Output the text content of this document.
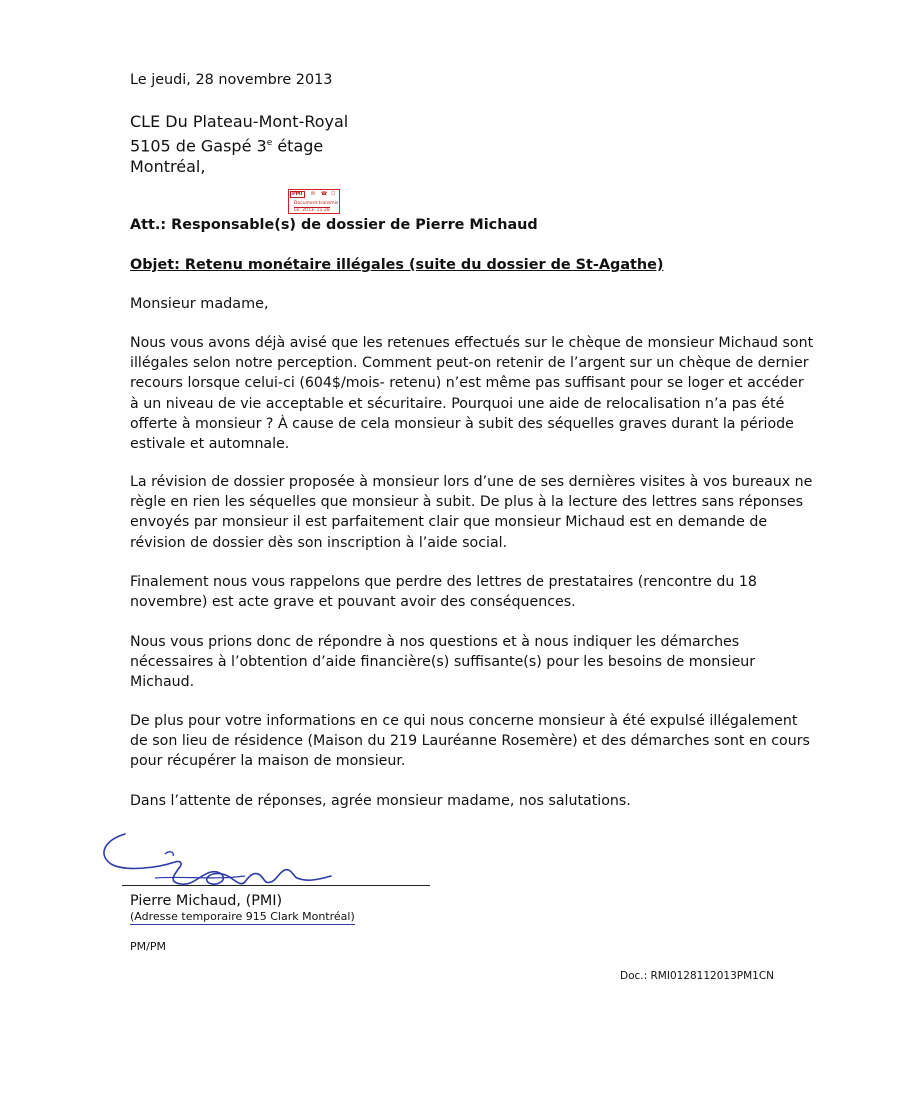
Le jeudi, 28 novembre 2013
CLE Du Plateau-Mont-Royal
5105 de Gaspé 3e étage
Montréal,
PMI	✉ ☎ ☐
Document transmis
Le: 2013- 11-28
Att.: Responsable(s) de dossier de Pierre Michaud
Objet: Retenu monétaire illégales (suite du dossier de St-Agathe)
Monsieur madame,

Nous vous avons déjà avisé que les retenues effectués sur le chèque de monsieur Michaud sont
illégales selon notre perception. Comment peut-on retenir de l’argent sur un chèque de dernier
recours lorsque celui-ci (604$/mois- retenu) n’est même pas suffisant pour se loger et accéder
à un niveau de vie acceptable et sécuritaire. Pourquoi une aide de relocalisation n’a pas été
offerte à monsieur ? À cause de cela monsieur à subit des séquelles graves durant la période
estivale et automnale.

La révision de dossier proposée à monsieur lors d’une de ses dernières visites à vos bureaux ne
règle en rien les séquelles que monsieur à subit. De plus à la lecture des lettres sans réponses
envoyés par monsieur il est parfaitement clair que monsieur Michaud est en demande de
révision de dossier dès son inscription à l’aide social.

Finalement nous vous rappelons que perdre des lettres de prestataires (rencontre du 18
novembre) est acte grave et pouvant avoir des conséquences.

Nous vous prions donc de répondre à nos questions et à nous indiquer les démarches
nécessaires à l’obtention d’aide financière(s) suffisante(s) pour les besoins de monsieur
Michaud.

De plus pour votre informations en ce qui nous concerne monsieur à été expulsé illégalement
de son lieu de résidence (Maison du 219 Lauréanne Rosemère) et des démarches sont en cours
pour récupérer la maison de monsieur.

Dans l’attente de réponses, agrée monsieur madame, nos salutations.

Pierre Michaud, (PMI)
(Adresse temporaire 915 Clark Montréal)
PM/PM
Doc.: RMI0128112013PM1CN
